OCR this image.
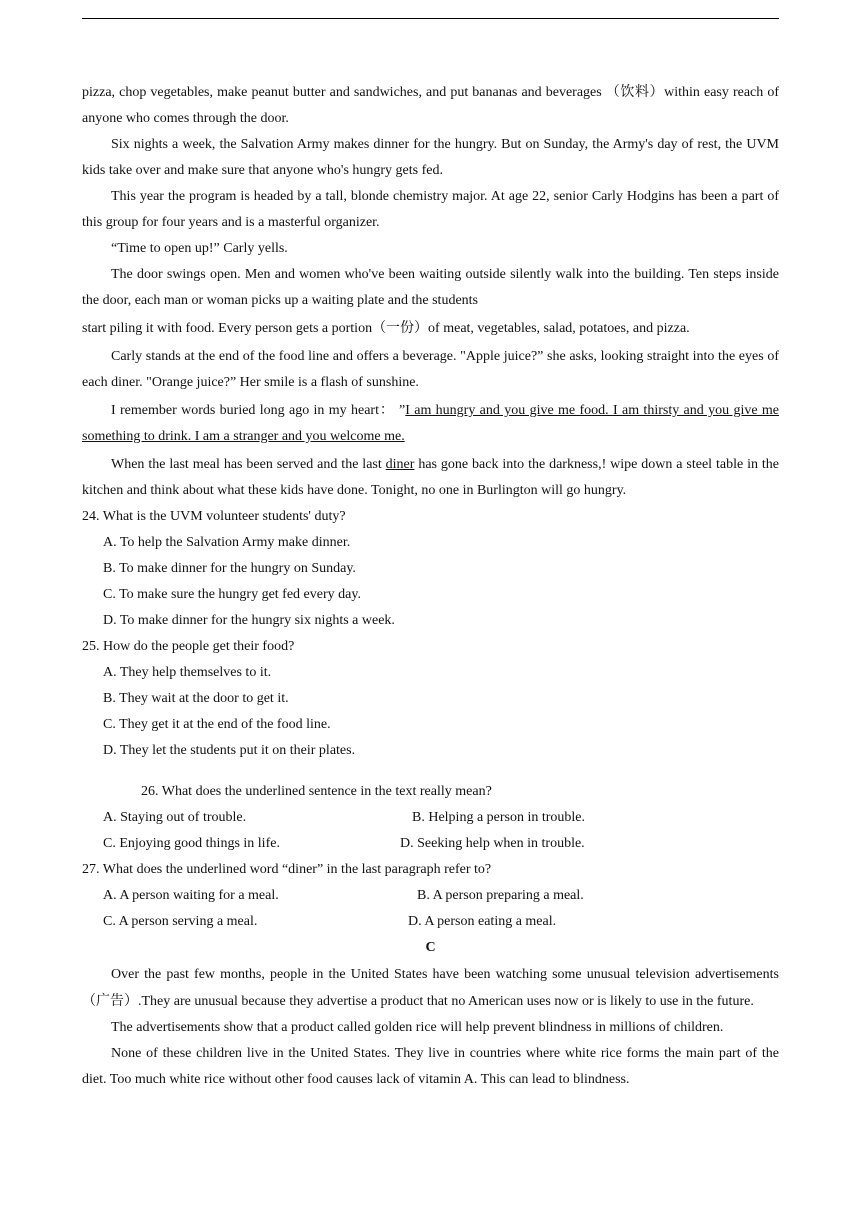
pizza, chop vegetables, make peanut butter and sandwiches, and put bananas and beverages （饮料）within easy reach of anyone who comes through the door.

Six nights a week, the Salvation Army makes dinner for the hungry. But on Sunday, the Army's day of rest, the UVM kids take over and make sure that anyone who's hungry gets fed.

This year the program is headed by a tall, blonde chemistry major. At age 22, senior Carly Hodgins has been a part of this group for four years and is a masterful organizer.

“Time to open up!” Carly yells.

The door swings open. Men and women who've been waiting outside silently walk into the building. Ten steps inside the door, each man or woman picks up a waiting plate and the students

start piling it with food. Every person gets a portion（一份）of meat, vegetables, salad, potatoes, and pizza.

Carly stands at the end of the food line and offers a beverage. "Apple juice?” she asks, looking straight into the eyes of each diner. "Orange juice?” Her smile is a flash of sunshine.

I remember words buried long ago in my heart： ”I am hungry and you give me food. I am thirsty and you give me something to drink. I am a stranger and you welcome me.

When the last meal has been served and the last diner has gone back into the darkness,! wipe down a steel table in the kitchen and think about what these kids have done. Tonight, no one in Burlington will go hungry.

24. What is the UVM volunteer students' duty?

A. To help the Salvation Army make dinner.

B. To make dinner for the hungry on Sunday.

C. To make sure the hungry get fed every day.

D. To make dinner for the hungry six nights a week.

25. How do the people get their food?

A. They help themselves to it.

B. They wait at the door to get it.

C. They get it at the end of the food line.

D. They let the students put it on their plates.

26. What does the underlined sentence in the text really mean?

A. Staying out of trouble.	B. Helping a person in trouble.
C. Enjoying good things in life.	D. Seeking help when in trouble.

27. What does the underlined word “diner” in the last paragraph refer to?

A. A person waiting for a meal.	B. A person preparing a meal.
C. A person serving a meal.	D. A person eating a meal.

C

Over the past few months, people in the United States have been watching some unusual television advertisements （广告）.They are unusual because they advertise a product that no American uses now or is likely to use in the future.

The advertisements show that a product called golden rice will help prevent blindness in millions of children.

None of these children live in the United States. They live in countries where white rice forms the main part of the diet. Too much white rice without other food causes lack of vitamin A. This can lead to blindness.
